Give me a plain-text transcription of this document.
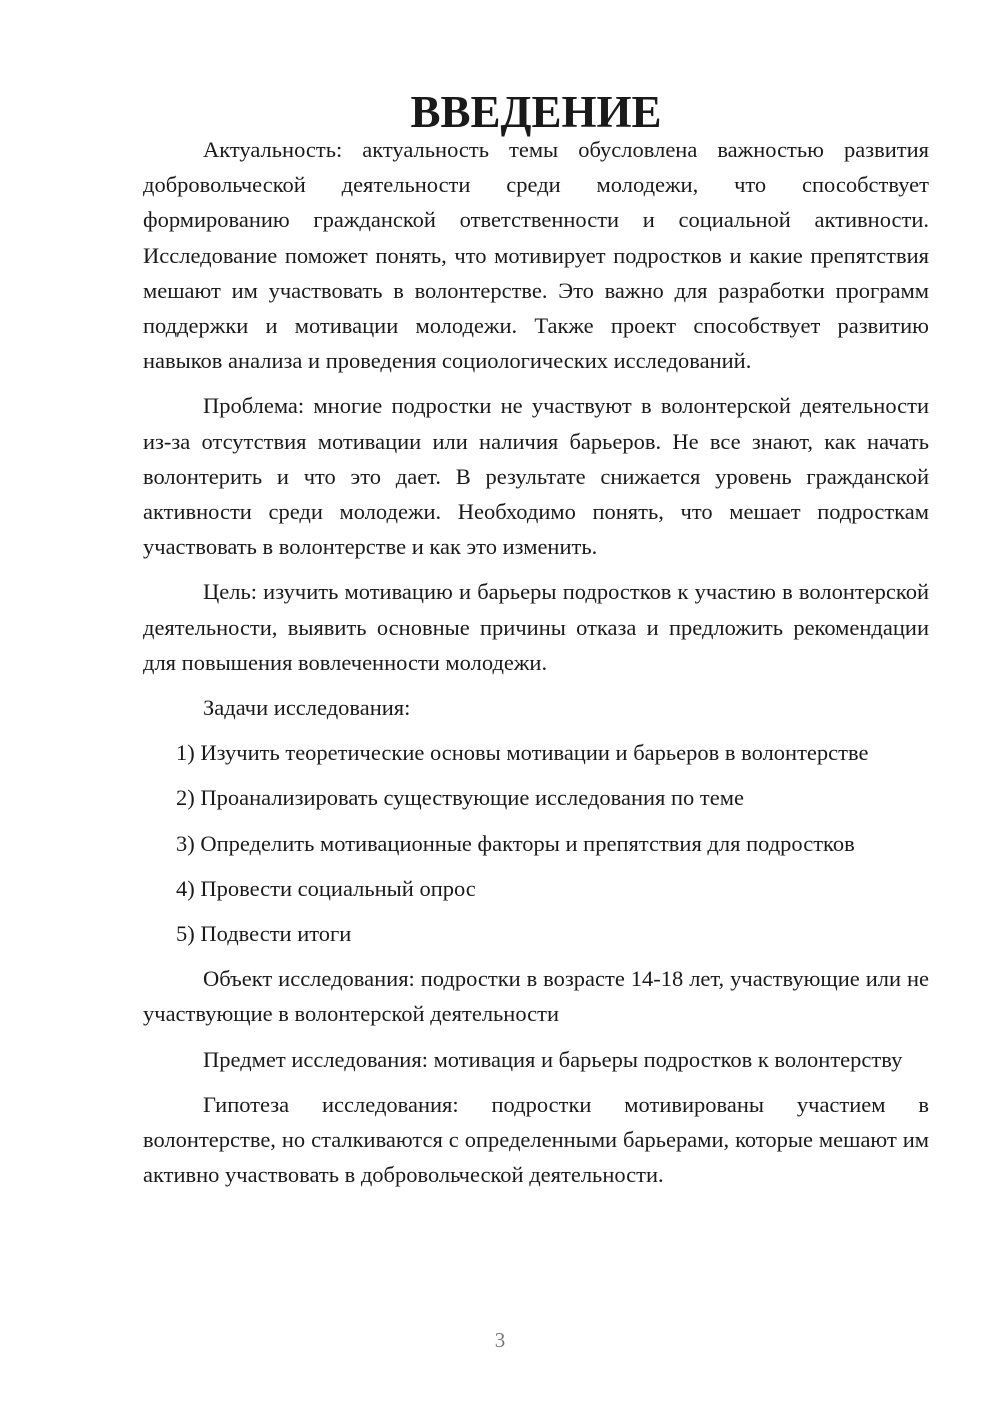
ВВЕДЕНИЕ

Актуальность: актуальность темы обусловлена важностью развития добровольческой деятельности среди молодежи, что способствует формированию гражданской ответственности и социальной активности. Исследование поможет понять, что мотивирует подростков и какие препятствия мешают им участвовать в волонтерстве. Это важно для разработки программ поддержки и мотивации молодежи. Также проект способствует развитию навыков анализа и проведения социологических исследований.

Проблема: многие подростки не участвуют в волонтерской деятельности из-за отсутствия мотивации или наличия барьеров. Не все знают, как начать волонтерить и что это дает. В результате снижается уровень гражданской активности среди молодежи. Необходимо понять, что мешает подросткам участвовать в волонтерстве и как это изменить.

Цель: изучить мотивацию и барьеры подростков к участию в волонтерской деятельности, выявить основные причины отказа и предложить рекомендации для повышения вовлеченности молодежи.

Задачи исследования:

1) Изучить теоретические основы мотивации и барьеров в волонтерстве

2) Проанализировать существующие исследования по теме

3) Определить мотивационные факторы и препятствия для подростков

4) Провести социальный опрос

5) Подвести итоги

Объект исследования: подростки в возрасте 14-18 лет, участвующие или не участвующие в волонтерской деятельности

Предмет исследования: мотивация и барьеры подростков к волонтерству

Гипотеза исследования: подростки мотивированы участием в волонтерстве, но сталкиваются с определенными барьерами, которые мешают им активно участвовать в добровольческой деятельности.

3
